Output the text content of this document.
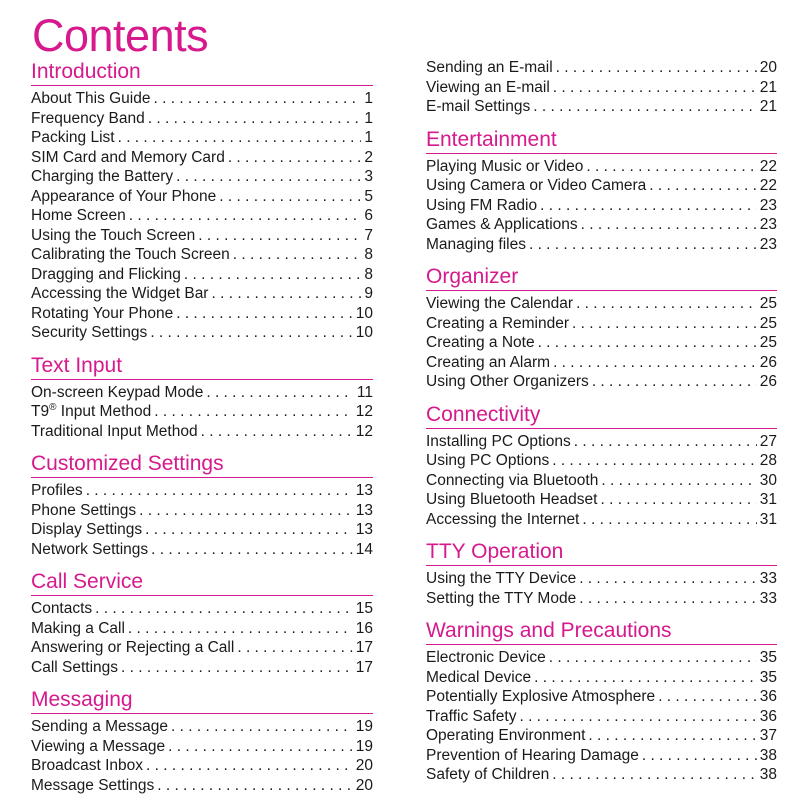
Contents
Introduction
About This Guide . . .	1
Frequency Band . . .	1
Packing List . . .	1
SIM Card and Memory Card . . .	2
Charging the Battery . . .	3
Appearance of Your Phone . . .	5
Home Screen . . .	6
Using the Touch Screen . . .	7
Calibrating the Touch Screen . . .	8
Dragging and Flicking . . .	8
Accessing the Widget Bar . . .	9
Rotating Your Phone . . .	10
Security Settings . . .	10
Text Input
On-screen Keypad Mode . . .	11
T9® Input Method . . .	12
Traditional Input Method . . .	12
Customized Settings
Profiles . . .	13
Phone Settings . . .	13
Display Settings . . .	13
Network Settings . . .	14
Call Service
Contacts . . .	15
Making a Call . . .	16
Answering or Rejecting a Call . . .	17
Call Settings . . .	17
Messaging
Sending a Message . . .	19
Viewing a Message . . .	19
Broadcast Inbox . . .	20
Message Settings . . .	20
Sending an E-mail . . .	20
Viewing an E-mail . . .	21
E-mail Settings . . .	21
Entertainment
Playing Music or Video . . .	22
Using Camera or Video Camera . . .	22
Using FM Radio . . .	23
Games & Applications . . .	23
Managing files . . .	23
Organizer
Viewing the Calendar . . .	25
Creating a Reminder . . .	25
Creating a Note . . .	25
Creating an Alarm . . .	26
Using Other Organizers . . .	26
Connectivity
Installing PC Options . . .	27
Using PC Options . . .	28
Connecting via Bluetooth . . .	30
Using Bluetooth Headset . . .	31
Accessing the Internet . . .	31
TTY Operation
Using the TTY Device . . .	33
Setting the TTY Mode . . .	33
Warnings and Precautions
Electronic Device . . .	35
Medical Device . . .	35
Potentially Explosive Atmosphere . . .	36
Traffic Safety . . .	36
Operating Environment . . .	37
Prevention of Hearing Damage . . .	38
Safety of Children . . .	38
